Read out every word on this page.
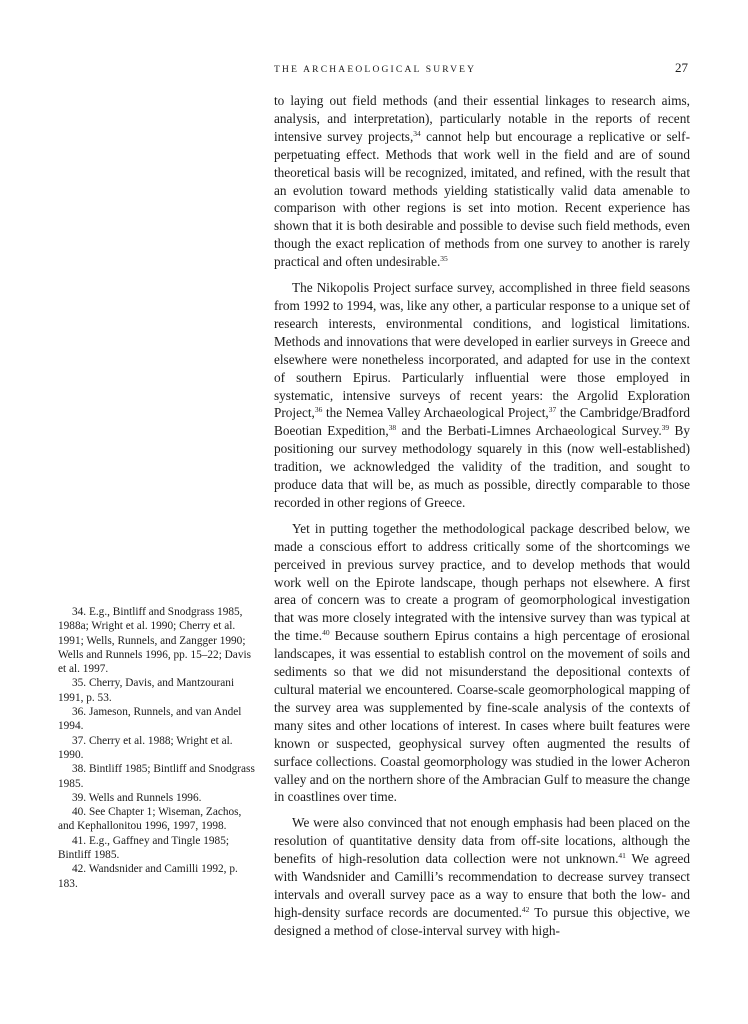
THE ARCHAEOLOGICAL SURVEY	27

to laying out field methods (and their essential linkages to research aims, analysis, and interpretation), particularly notable in the reports of recent intensive survey projects,$^{34}$ cannot help but encourage a replicative or self-perpetuating effect. Methods that work well in the field and are of sound theoretical basis will be recognized, imitated, and refined, with the result that an evolution toward methods yielding statistically valid data amenable to comparison with other regions is set into motion. Recent experience has shown that it is both desirable and possible to devise such field methods, even though the exact replication of methods from one survey to another is rarely practical and often undesirable.$^{35}$

The Nikopolis Project surface survey, accomplished in three field seasons from 1992 to 1994, was, like any other, a particular response to a unique set of research interests, environmental conditions, and logistical limitations. Methods and innovations that were developed in earlier surveys in Greece and elsewhere were nonetheless incorporated, and adapted for use in the context of southern Epirus. Particularly influential were those employed in systematic, intensive surveys of recent years: the Argolid Exploration Project,$^{36}$ the Nemea Valley Archaeological Project,$^{37}$ the Cambridge/Bradford Boeotian Expedition,$^{38}$ and the Berbati-Limnes Archaeological Survey.$^{39}$ By positioning our survey methodology squarely in this (now well-established) tradition, we acknowledged the validity of the tradition, and sought to produce data that will be, as much as possible, directly comparable to those recorded in other regions of Greece.

Yet in putting together the methodological package described below, we made a conscious effort to address critically some of the shortcomings we perceived in previous survey practice, and to develop methods that would work well on the Epirote landscape, though perhaps not elsewhere. A first area of concern was to create a program of geomorphological investigation that was more closely integrated with the intensive survey than was typical at the time.$^{40}$ Because southern Epirus contains a high percentage of erosional landscapes, it was essential to establish control on the movement of soils and sediments so that we did not misunderstand the depositional contexts of cultural material we encountered. Coarse-scale geomorphological mapping of the survey area was supplemented by fine-scale analysis of the contexts of many sites and other locations of interest. In cases where built features were known or suspected, geophysical survey often augmented the results of surface collections. Coastal geomorphology was studied in the lower Acheron valley and on the northern shore of the Ambracian Gulf to measure the change in coastlines over time.

We were also convinced that not enough emphasis had been placed on the resolution of quantitative density data from off-site locations, although the benefits of high-resolution data collection were not unknown.$^{41}$ We agreed with Wandsnider and Camilli’s recommendation to decrease survey transect intervals and overall survey pace as a way to ensure that both the low- and high-density surface records are documented.$^{42}$ To pursue this objective, we designed a method of close-interval survey with high-

34. E.g., Bintliff and Snodgrass 1985, 1988a; Wright et al. 1990; Cherry et al. 1991; Wells, Runnels, and Zangger 1990; Wells and Runnels 1996, pp. 15–22; Davis et al. 1997.

35. Cherry, Davis, and Mantzourani 1991, p. 53.

36. Jameson, Runnels, and van Andel 1994.

37. Cherry et al. 1988; Wright et al. 1990.

38. Bintliff 1985; Bintliff and Snodgrass 1985.

39. Wells and Runnels 1996.

40. See Chapter 1; Wiseman, Zachos, and Kephallonitou 1996, 1997, 1998.

41. E.g., Gaffney and Tingle 1985; Bintliff 1985.

42. Wandsnider and Camilli 1992, p. 183.
